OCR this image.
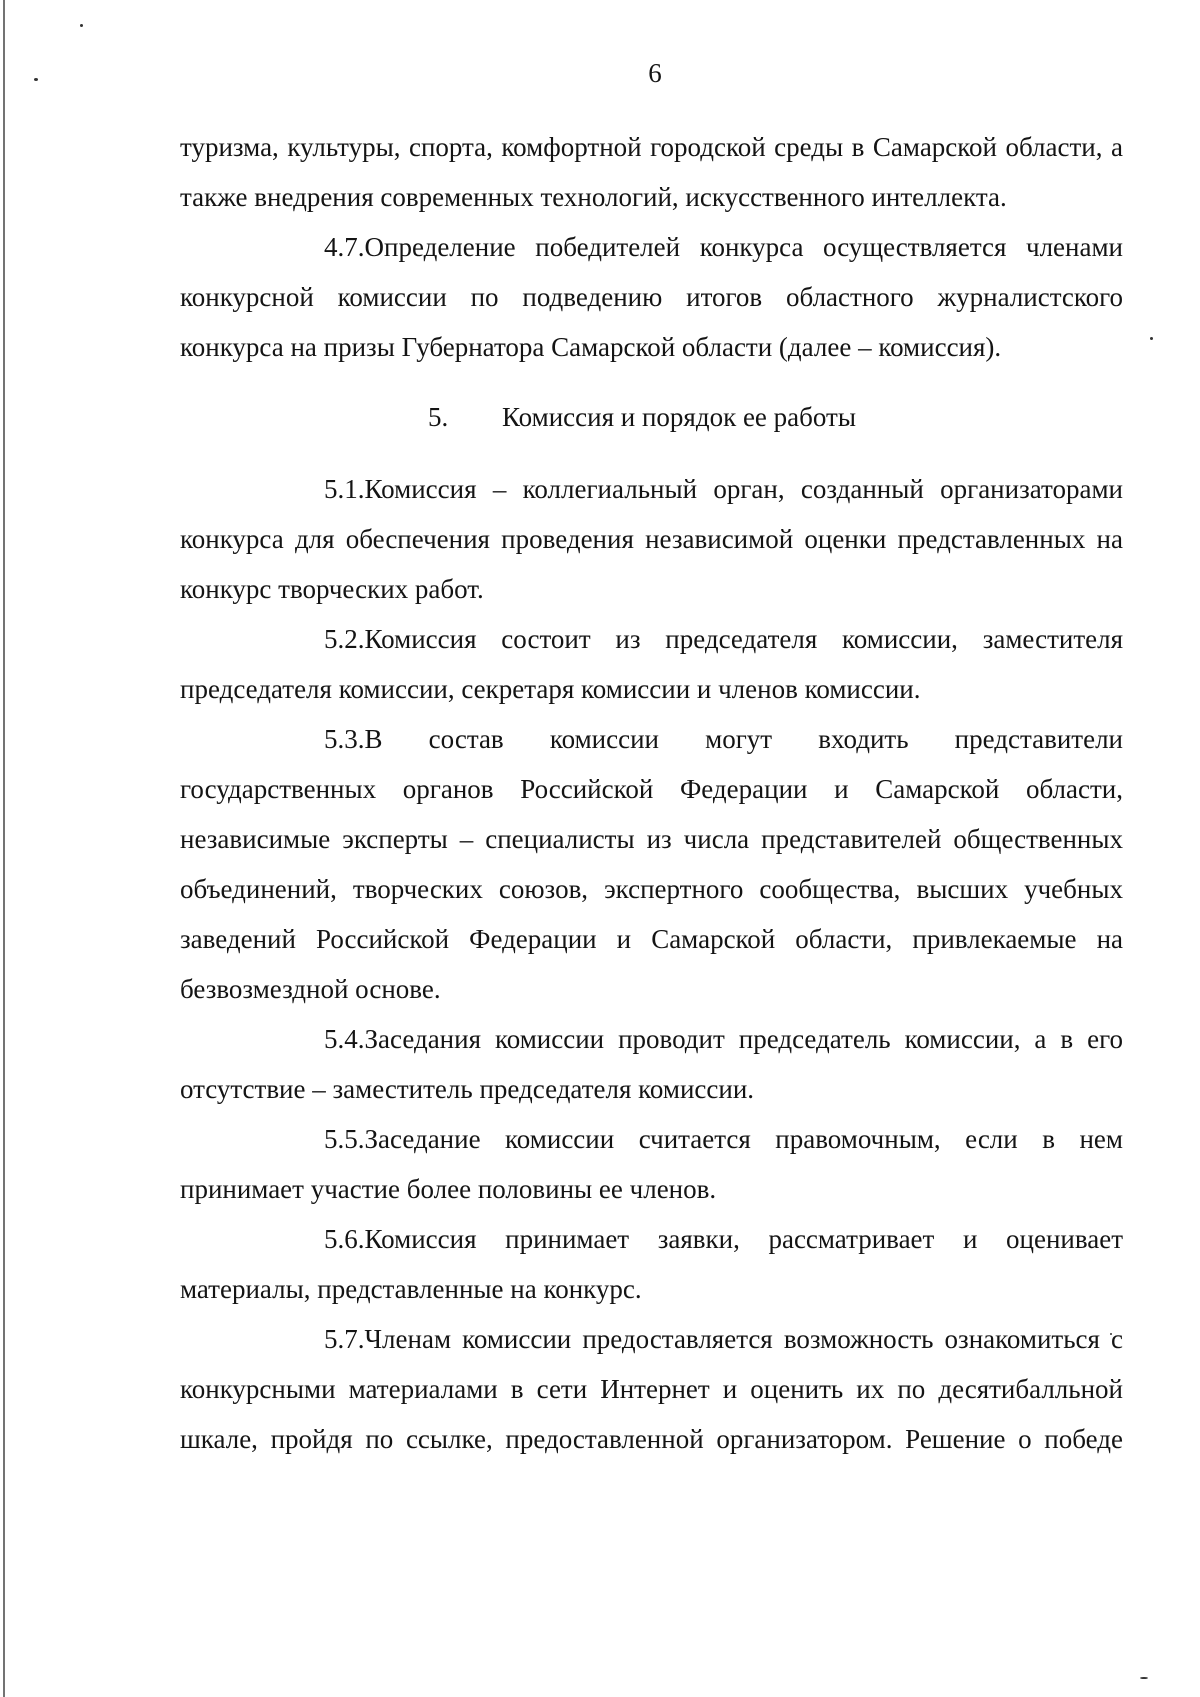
6

туризма, культуры, спорта, комфортной городской среды в Самарской области, а также внедрения современных технологий, искусственного интеллекта.

4.7.Определение победителей конкурса осуществляется членами конкурсной комиссии по подведению итогов областного журналистского конкурса на призы Губернатора Самарской области (далее – комиссия).

5. Комиссия и порядок ее работы

5.1.Комиссия – коллегиальный орган, созданный организаторами конкурса для обеспечения проведения независимой оценки представленных на конкурс творческих работ.

5.2.Комиссия состоит из председателя комиссии, заместителя председателя комиссии, секретаря комиссии и членов комиссии.

5.3.В состав комиссии могут входить представители государственных органов Российской Федерации и Самарской области, независимые эксперты – специалисты из числа представителей общественных объединений, творческих союзов, экспертного сообщества, высших учебных заведений Российской Федерации и Самарской области, привлекаемые на безвозмездной основе.

5.4.Заседания комиссии проводит председатель комиссии, а в его отсутствие – заместитель председателя комиссии.

5.5.Заседание комиссии считается правомочным, если в нем принимает участие более половины ее членов.

5.6.Комиссия принимает заявки, рассматривает и оценивает материалы, представленные на конкурс.

5.7.Членам комиссии предоставляется возможность ознакомиться с конкурсными материалами в сети Интернет и оценить их по десятибалльной шкале, пройдя по ссылке, предоставленной организатором. Решение о победе
